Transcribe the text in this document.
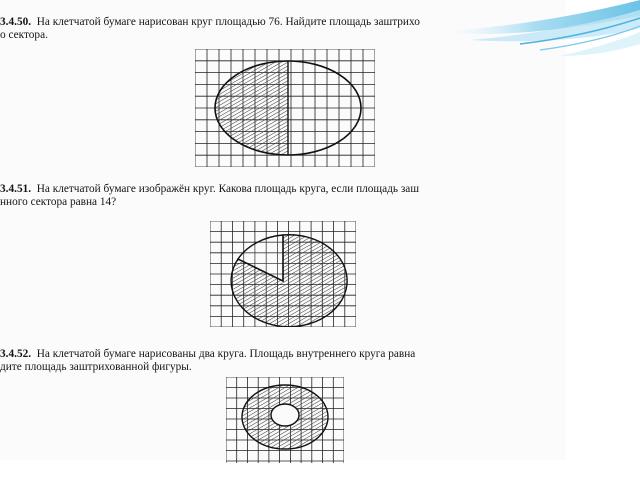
3.4.50. На клетчатой бумаге нарисован круг площадью 76. Найдите площадь заштрихо
о сектора.
3.4.51. На клетчатой бумаге изображён круг. Какова площадь круга, если площадь заш
нного сектора равна 14?
3.4.52. На клетчатой бумаге нарисованы два круга. Площадь внутреннего круга равна
дите площадь заштрихованной фигуры.
